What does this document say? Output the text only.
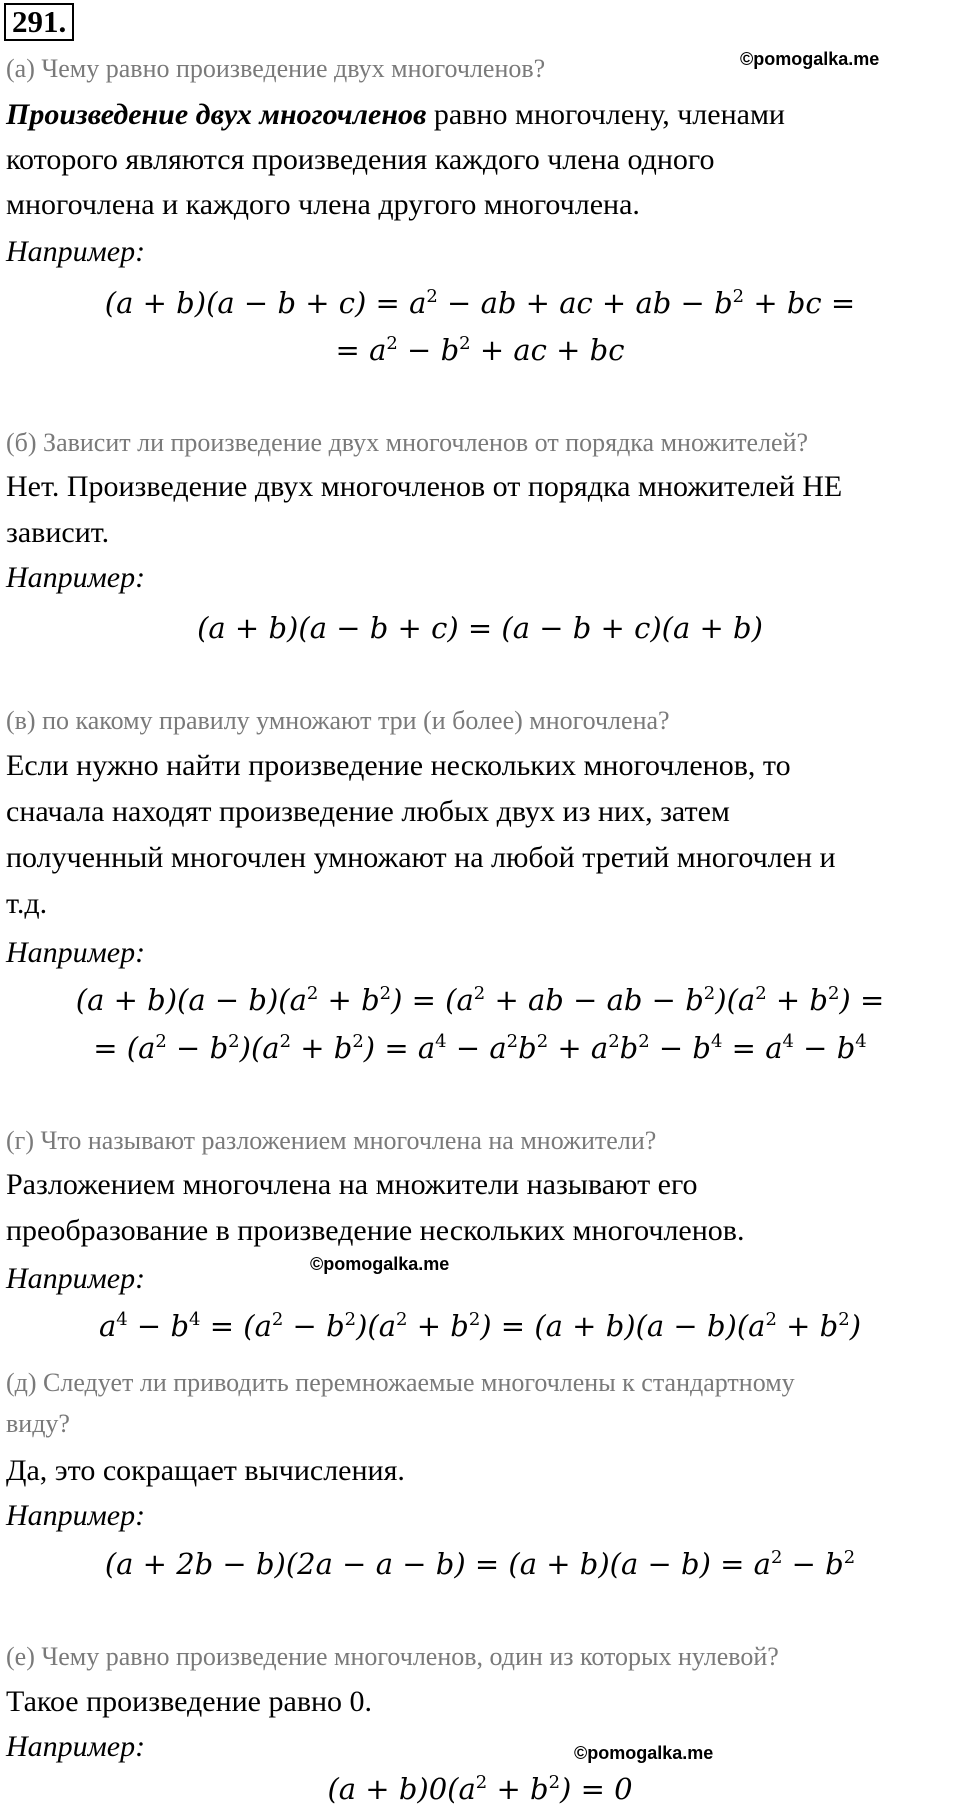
291.
©pomogalka.me
(а) Чему равно произведение двух многочленов?
Произведение двух многочленов равно многочлену, членами
которого являются произведения каждого члена одного
многочлена и каждого члена другого многочлена.
Например:
$(a + b)(a - b + c) = a^2$ − ab + ac + ab − $b^2$ + bc =
= $a^2 - b^2$ + ac + bc
(б) Зависит ли произведение двух многочленов от порядка множителей?
Нет. Произведение двух многочленов от порядка множителей НЕ
зависит.
Например:
(a + b)(a − b + c) = (a − b + c)(a + b)
(в) по какому правилу умножают три (и более) многочлена?
Если нужно найти произведение нескольких многочленов, то
сначала находят произведение любых двух из них, затем
полученный многочлен умножают на любой третий многочлен и
т.д.
Например:
$(a + b)(a - b)(a^2 + b^2) = (a^2$ + ab − ab − $b^2)(a^2 + b^2)$ =
= $(a^2 - b^2)(a^2 + b^2) = a^4 - a^2b^2 + a^2b^2 - b^4 = a^4 - b^4$
(г) Что называют разложением многочлена на множители?
Разложением многочлена на множители называют его
преобразование в произведение нескольких многочленов.
©pomogalka.me
Например:
$a^4 - b^4 = (a^2 - b^2)(a^2 + b^2) = (a + b)(a - b)(a^2 + b^2)$
(д) Следует ли приводить перемножаемые многочлены к стандартному
виду?
Да, это сокращает вычисления.
Например:
$(a + 2b - b)(2a - a - b) = (a + b)(a - b) = a^2 - b^2$
(е) Чему равно произведение многочленов, один из которых нулевой?
Такое произведение равно 0.
Например:	©pomogalka.me
$(a + b)0(a^2 + b^2) = 0$
